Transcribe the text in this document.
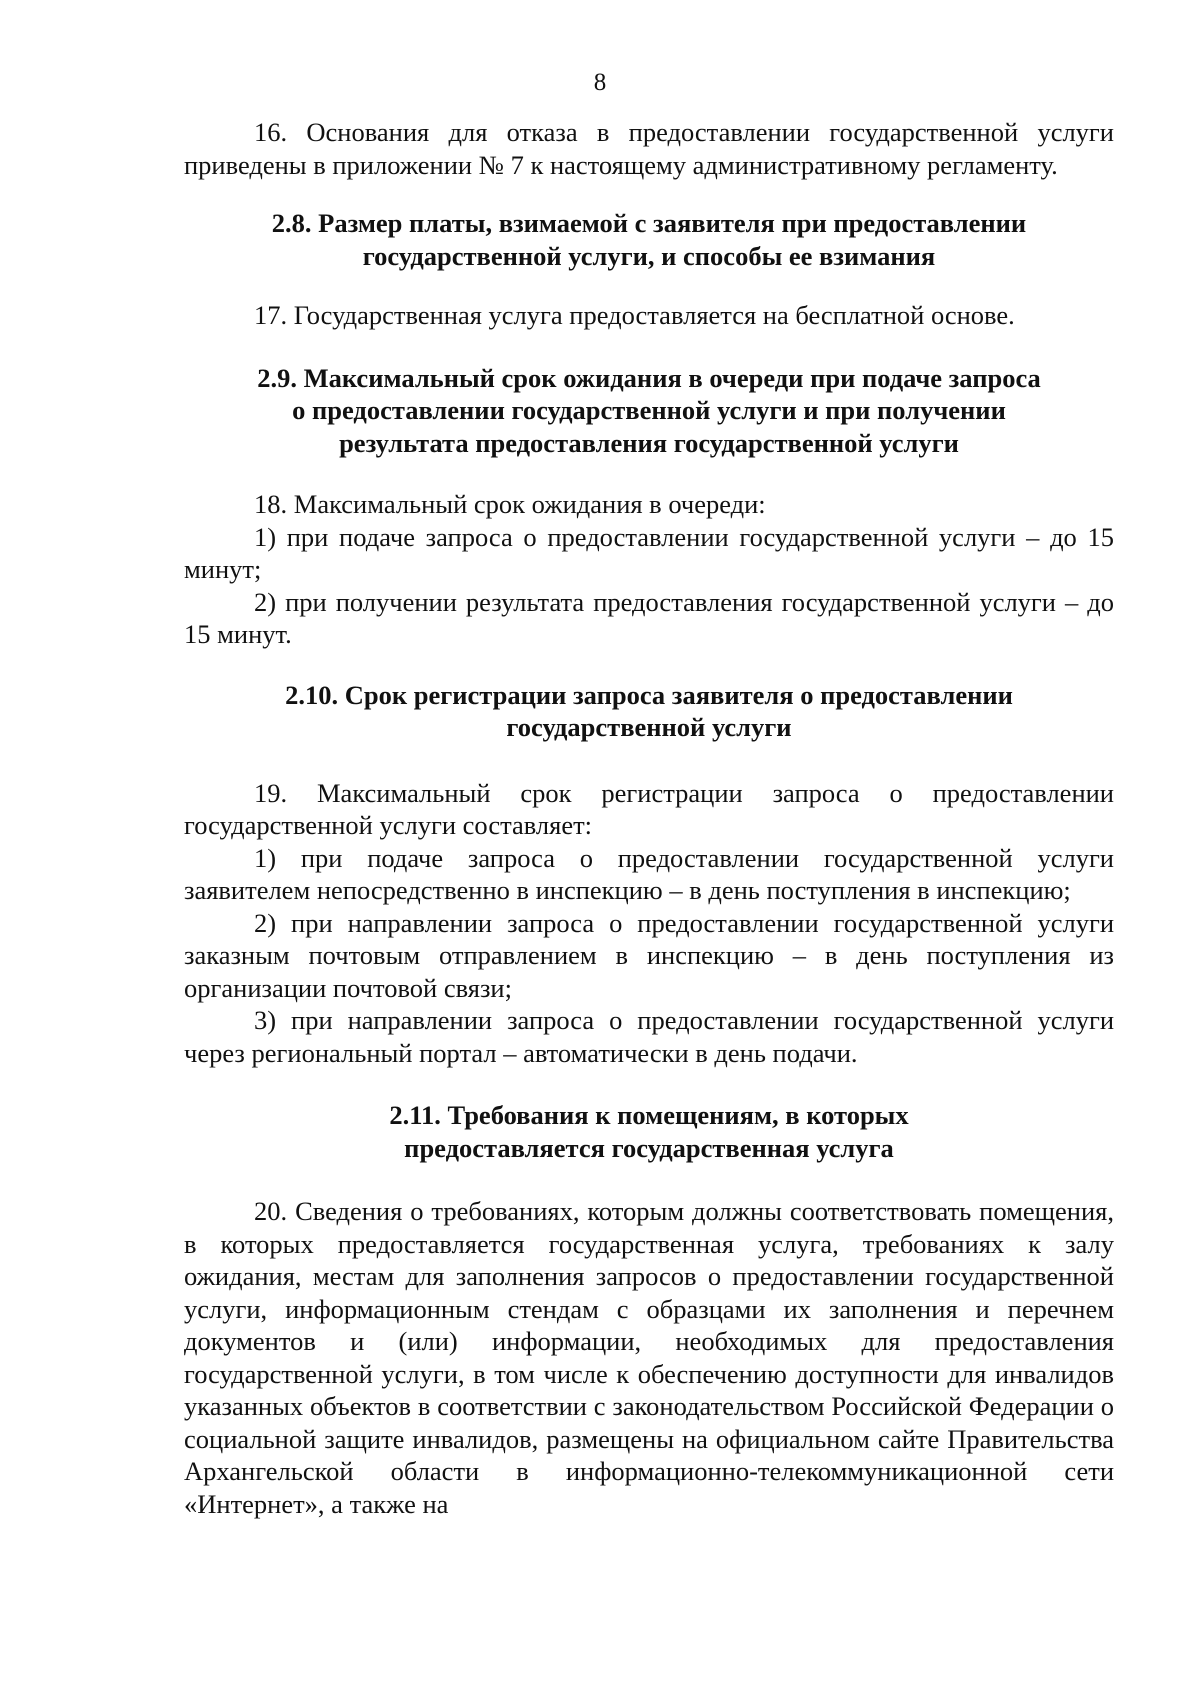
8

16. Основания для отказа в предоставлении государственной услуги приведены в приложении № 7 к настоящему административному регламенту.

2.8. Размер платы, взимаемой с заявителя при предоставлении
государственной услуги, и способы ее взимания

17. Государственная услуга предоставляется на бесплатной основе.

2.9. Максимальный срок ожидания в очереди при подаче запроса
о предоставлении государственной услуги и при получении
результата предоставления государственной услуги

18. Максимальный срок ожидания в очереди:

1) при подаче запроса о предоставлении государственной услуги – до 15 минут;

2) при получении результата предоставления государственной услуги – до 15 минут.

2.10. Срок регистрации запроса заявителя о предоставлении
государственной услуги

19. Максимальный срок регистрации запроса о предоставлении государственной услуги составляет:

1) при подаче запроса о предоставлении государственной услуги заявителем непосредственно в инспекцию – в день поступления в инспекцию;

2) при направлении запроса о предоставлении государственной услуги заказным почтовым отправлением в инспекцию – в день поступления из организации почтовой связи;

3) при направлении запроса о предоставлении государственной услуги через региональный портал – автоматически в день подачи.

2.11. Требования к помещениям, в которых
предоставляется государственная услуга

20. Сведения о требованиях, которым должны соответствовать помещения, в которых предоставляется государственная услуга, требованиях к залу ожидания, местам для заполнения запросов о предоставлении государственной услуги, информационным стендам с образцами их заполнения и перечнем документов и (или) информации, необходимых для предоставления государственной услуги, в том числе к обеспечению доступности для инвалидов указанных объектов в соответствии с законодательством Российской Федерации о социальной защите инвалидов, размещены на официальном сайте Правительства Архангельской области в информационно-телекоммуникационной сети «Интернет», а также на
